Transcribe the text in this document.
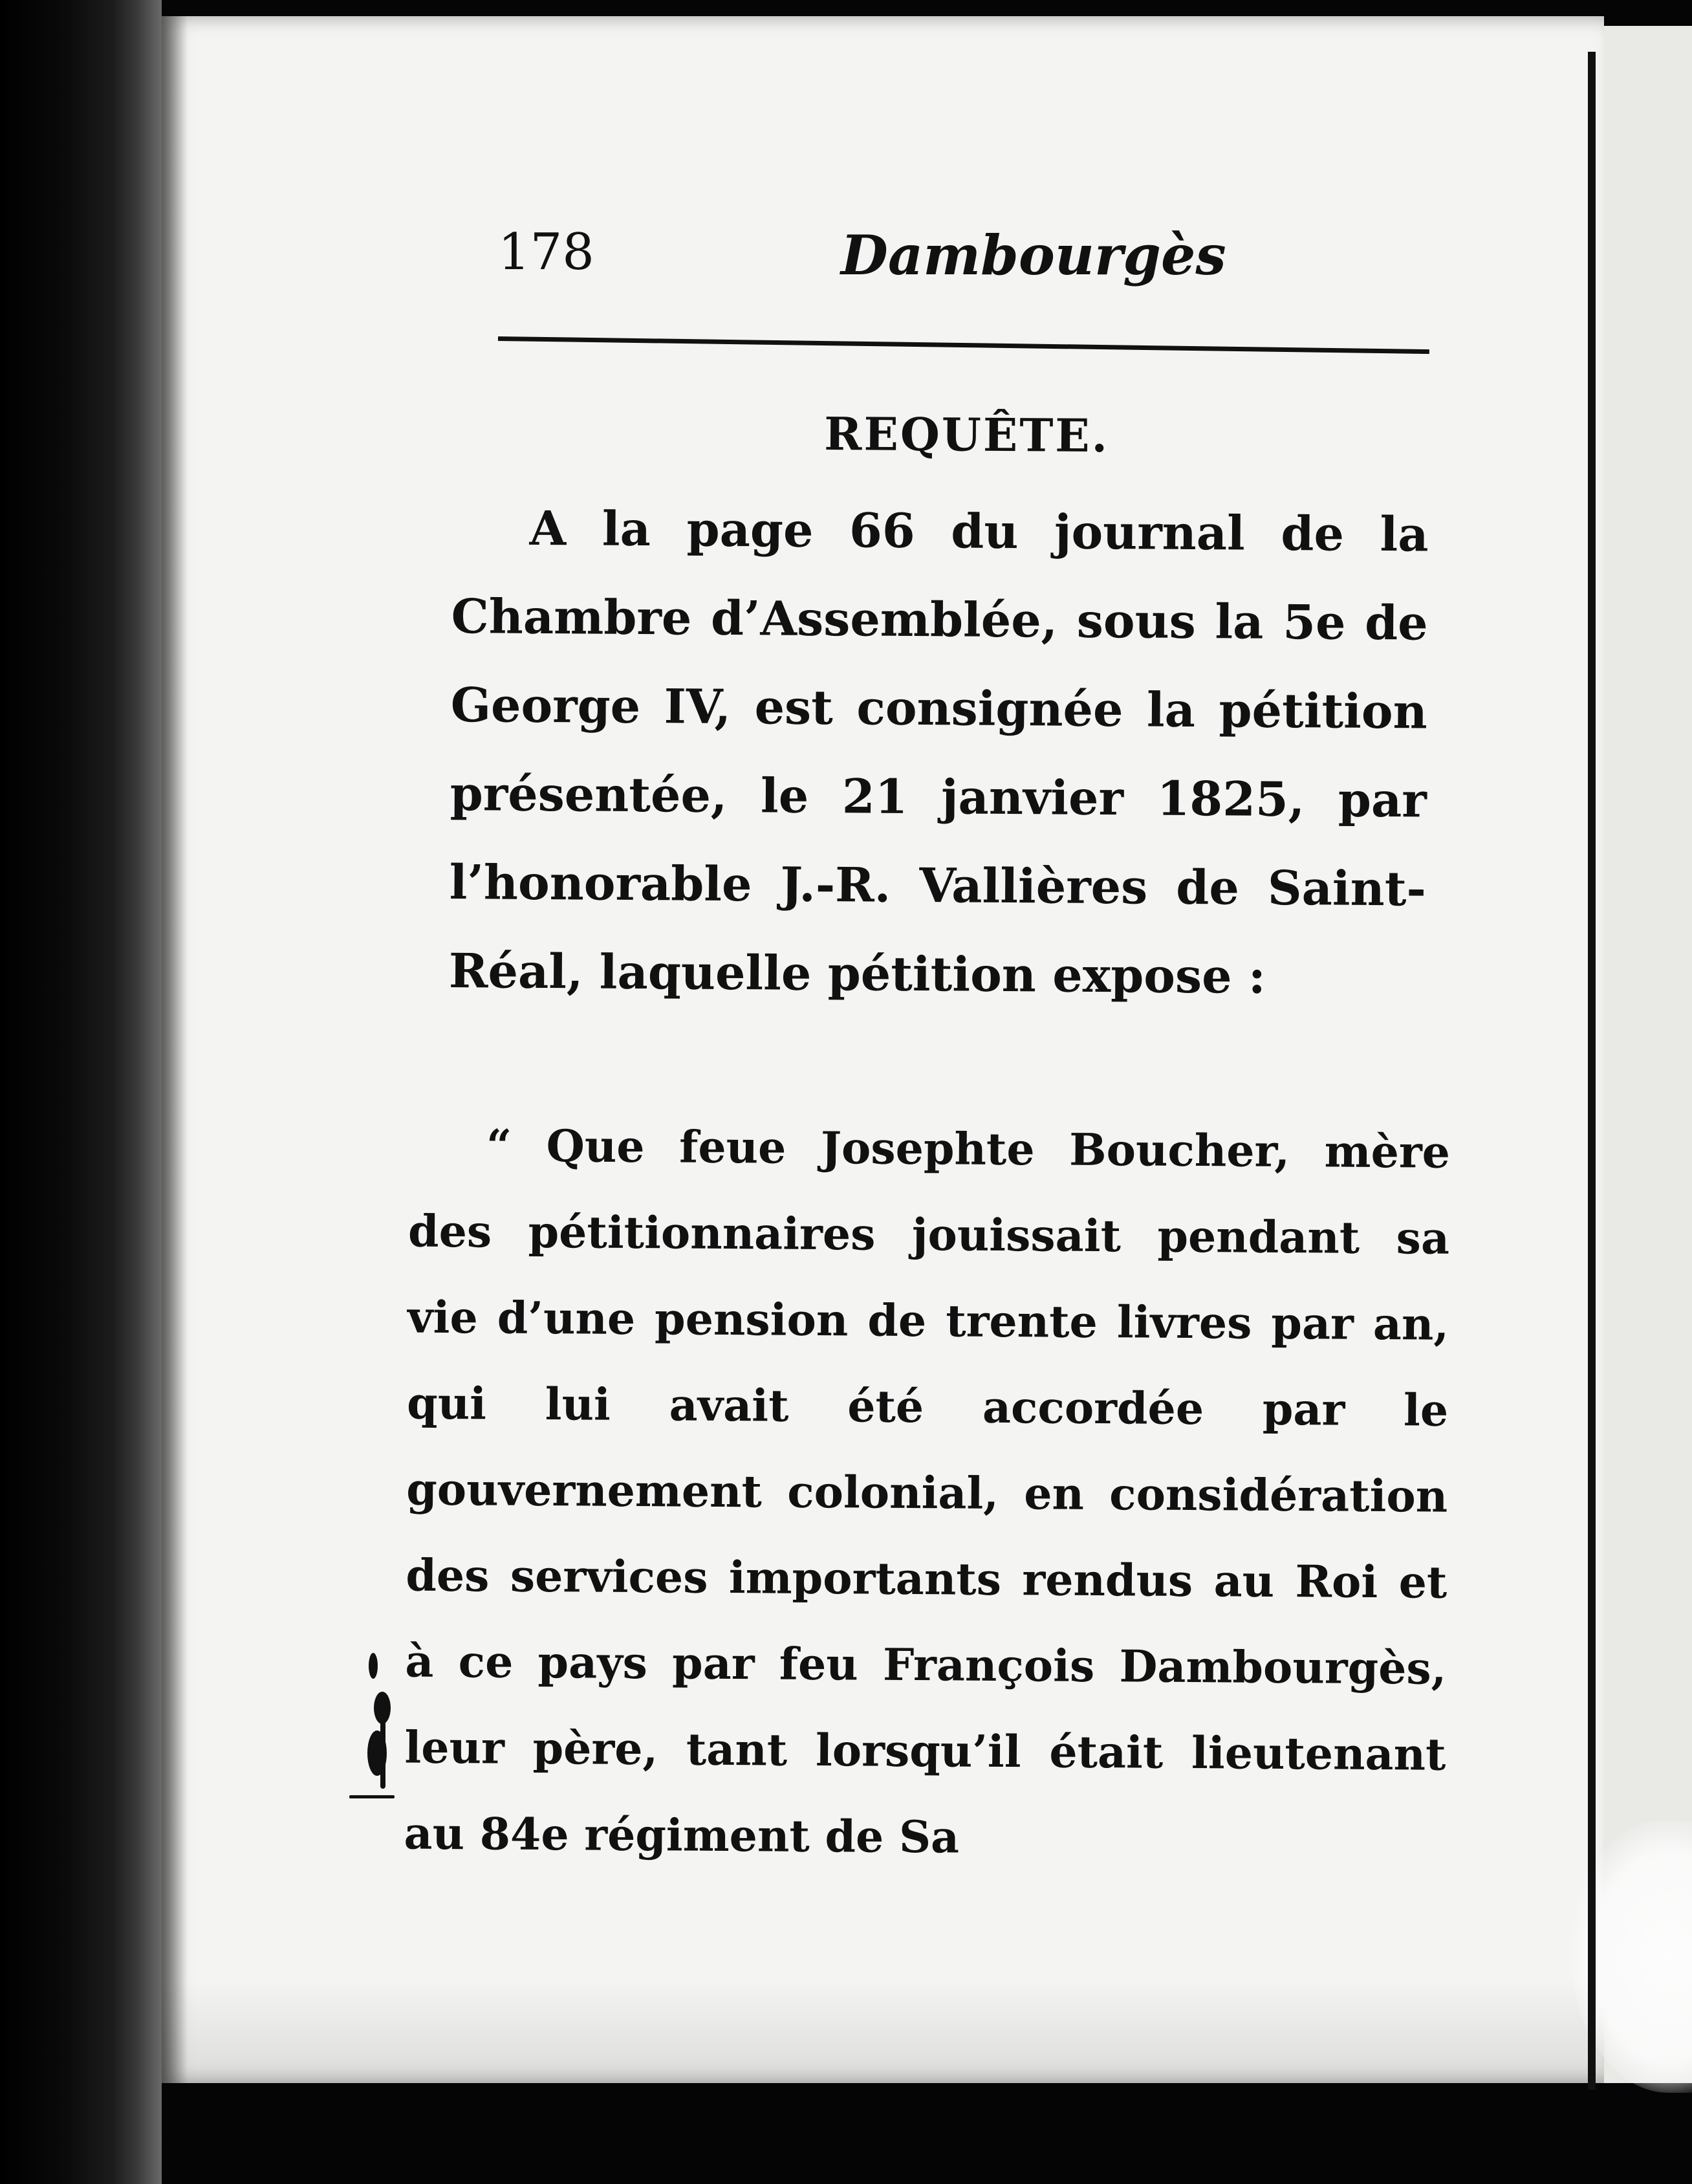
178	Dambourgès
REQUÊTE.

A la page 66 du journal de la Chambre d’Assemblée, sous la 5e de George IV, est consignée la pétition présentée, le 21 janvier 1825, par l’honorable J.-R. Vallières de Saint-Réal, laquelle pétition expose :

“ Que feue Josephte Boucher, mère des pétitionnaires jouissait pendant sa vie d’une pension de trente livres par an, qui lui avait été accordée par le gouvernement colonial, en considération des services importants rendus au Roi et à ce pays par feu François Dambourgès, leur père, tant lorsqu’il était lieutenant au 84e régiment de Sa
